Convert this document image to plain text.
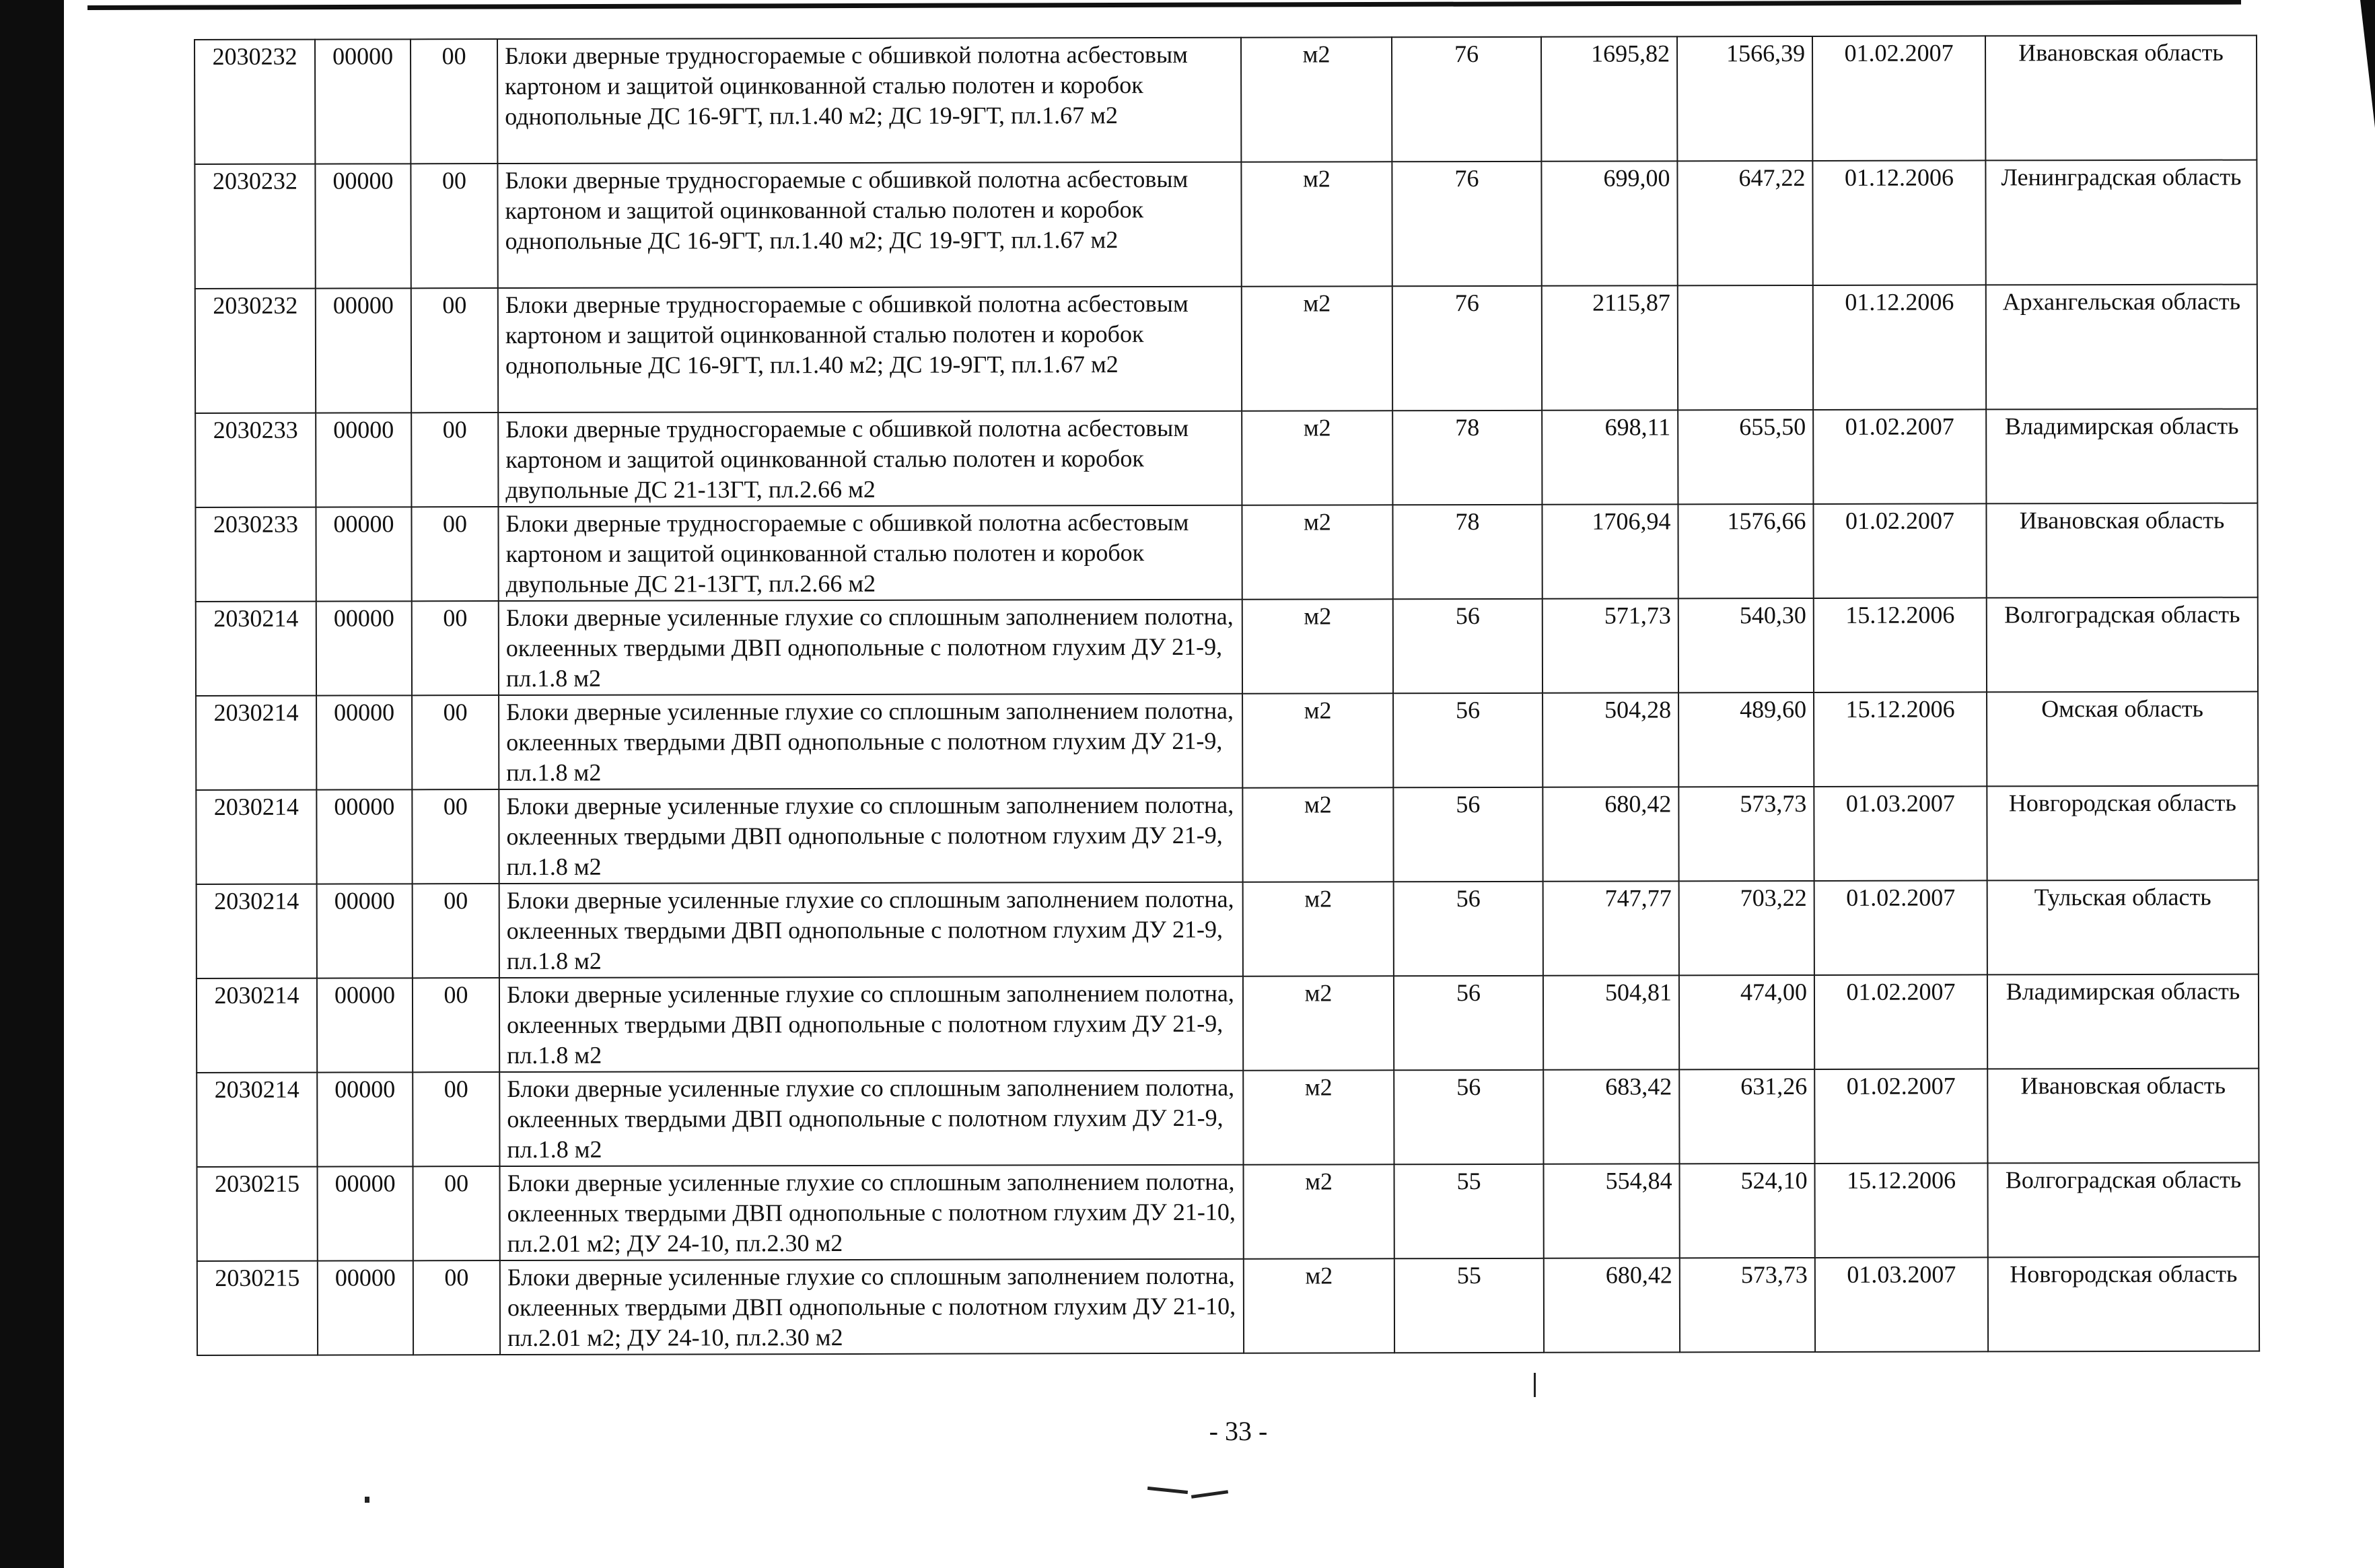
2030232	00000	00	Блоки дверные трудносгораемые с обшивкой полотна асбестовым картоном и защитой оцинкованной сталью полотен и коробок однопольные ДС 16-9ГТ, пл.1.40 м2; ДС 19-9ГТ, пл.1.67 м2	м2	76	1695,82	1566,39	01.02.2007	Ивановская область
2030232	00000	00	Блоки дверные трудносгораемые с обшивкой полотна асбестовым картоном и защитой оцинкованной сталью полотен и коробок однопольные ДС 16-9ГТ, пл.1.40 м2; ДС 19-9ГТ, пл.1.67 м2	м2	76	699,00	647,22	01.12.2006	Ленинградская область
2030232	00000	00	Блоки дверные трудносгораемые с обшивкой полотна асбестовым картоном и защитой оцинкованной сталью полотен и коробок однопольные ДС 16-9ГТ, пл.1.40 м2; ДС 19-9ГТ, пл.1.67 м2	м2	76	2115,87		01.12.2006	Архангельская область
2030233	00000	00	Блоки дверные трудносгораемые с обшивкой полотна асбестовым картоном и защитой оцинкованной сталью полотен и коробок двупольные ДС 21-13ГТ, пл.2.66 м2	м2	78	698,11	655,50	01.02.2007	Владимирская область
2030233	00000	00	Блоки дверные трудносгораемые с обшивкой полотна асбестовым картоном и защитой оцинкованной сталью полотен и коробок двупольные ДС 21-13ГТ, пл.2.66 м2	м2	78	1706,94	1576,66	01.02.2007	Ивановская область
2030214	00000	00	Блоки дверные усиленные глухие со сплошным заполнением полотна, оклеенных твердыми ДВП однопольные с полотном глухим ДУ 21-9, пл.1.8 м2	м2	56	571,73	540,30	15.12.2006	Волгоградская область
2030214	00000	00	Блоки дверные усиленные глухие со сплошным заполнением полотна, оклеенных твердыми ДВП однопольные с полотном глухим ДУ 21-9, пл.1.8 м2	м2	56	504,28	489,60	15.12.2006	Омская область
2030214	00000	00	Блоки дверные усиленные глухие со сплошным заполнением полотна, оклеенных твердыми ДВП однопольные с полотном глухим ДУ 21-9, пл.1.8 м2	м2	56	680,42	573,73	01.03.2007	Новгородская область
2030214	00000	00	Блоки дверные усиленные глухие со сплошным заполнением полотна, оклеенных твердыми ДВП однопольные с полотном глухим ДУ 21-9, пл.1.8 м2	м2	56	747,77	703,22	01.02.2007	Тульская область
2030214	00000	00	Блоки дверные усиленные глухие со сплошным заполнением полотна, оклеенных твердыми ДВП однопольные с полотном глухим ДУ 21-9, пл.1.8 м2	м2	56	504,81	474,00	01.02.2007	Владимирская область
2030214	00000	00	Блоки дверные усиленные глухие со сплошным заполнением полотна, оклеенных твердыми ДВП однопольные с полотном глухим ДУ 21-9, пл.1.8 м2	м2	56	683,42	631,26	01.02.2007	Ивановская область
2030215	00000	00	Блоки дверные усиленные глухие со сплошным заполнением полотна, оклеенных твердыми ДВП однопольные с полотном глухим ДУ 21-10, пл.2.01 м2; ДУ 24-10, пл.2.30 м2	м2	55	554,84	524,10	15.12.2006	Волгоградская область
2030215	00000	00	Блоки дверные усиленные глухие со сплошным заполнением полотна, оклеенных твердыми ДВП однопольные с полотном глухим ДУ 21-10, пл.2.01 м2; ДУ 24-10, пл.2.30 м2	м2	55	680,42	573,73	01.03.2007	Новгородская область
- 33 -
